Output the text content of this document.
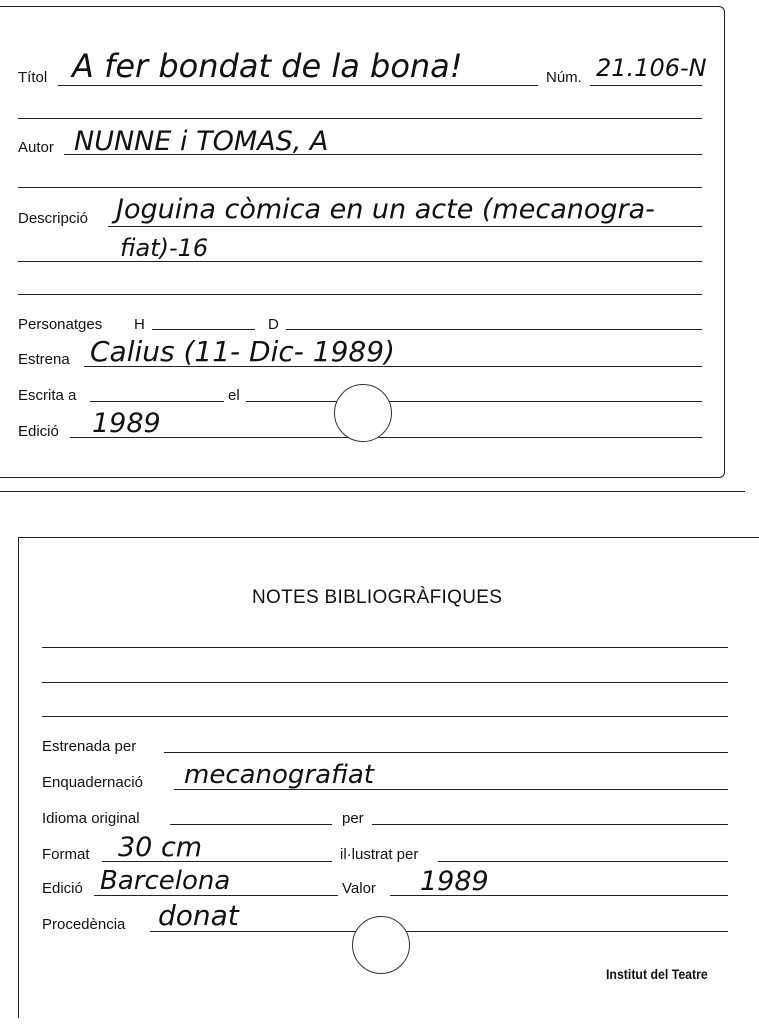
Títol A fer bondat de la bona!	Núm. 21.106-N
Autor NUNNE i TOMAS, A
Descripció Joguina còmica en un acte (mecanogra-
fiat)-16
Personatges H	D
Estrena Calius (11- Dic- 1989)
Escrita a	el
Edició 1989
NOTES BIBLIOGRÀFIQUES
Estrenada per
Enquadernació mecanografiat
Idioma original	per
Format 30 cm	il·lustrat per
Edició Barcelona	Valor 1989
Procedència donat
Institut del Teatre
